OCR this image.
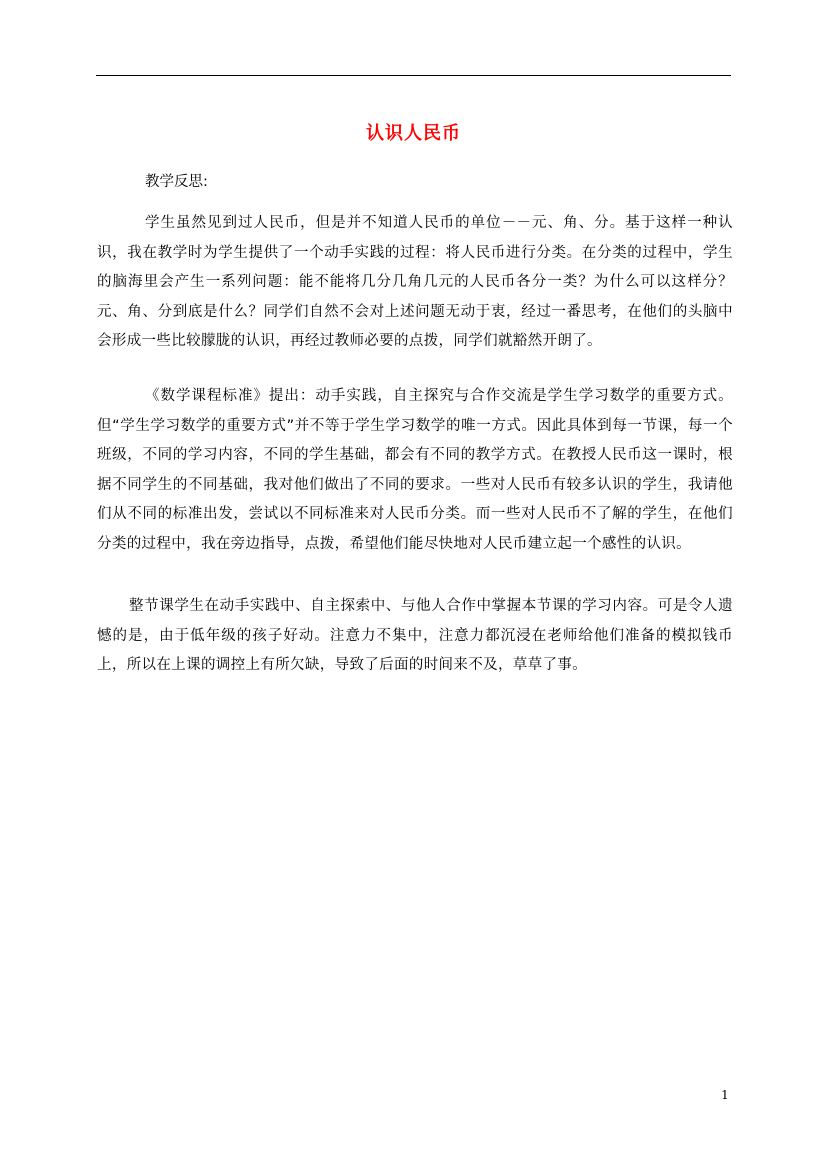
认识人民币
教学反思:

学生虽然见到过人民币，但是并不知道人民币的单位－－元、角、分。基于这样一种认识，我在教学时为学生提供了一个动手实践的过程：将人民币进行分类。在分类的过程中，学生的脑海里会产生一系列问题：能不能将几分几角几元的人民币各分一类？为什么可以这样分？元、角、分到底是什么？同学们自然不会对上述问题无动于衷，经过一番思考，在他们的头脑中会形成一些比较朦胧的认识，再经过教师必要的点拨，同学们就豁然开朗了。

《数学课程标准》提出：动手实践，自主探究与合作交流是学生学习数学的重要方式。但“学生学习数学的重要方式”并不等于学生学习数学的唯一方式。因此具体到每一节课，每一个班级，不同的学习内容，不同的学生基础，都会有不同的教学方式。在教授人民币这一课时，根据不同学生的不同基础，我对他们做出了不同的要求。一些对人民币有较多认识的学生，我请他们从不同的标准出发，尝试以不同标准来对人民币分类。而一些对人民币不了解的学生，在他们分类的过程中，我在旁边指导，点拨，希望他们能尽快地对人民币建立起一个感性的认识。

整节课学生在动手实践中、自主探索中、与他人合作中掌握本节课的学习内容。可是令人遗憾的是，由于低年级的孩子好动。注意力不集中，注意力都沉浸在老师给他们准备的模拟钱币上，所以在上课的调控上有所欠缺，导致了后面的时间来不及，草草了事。

1
